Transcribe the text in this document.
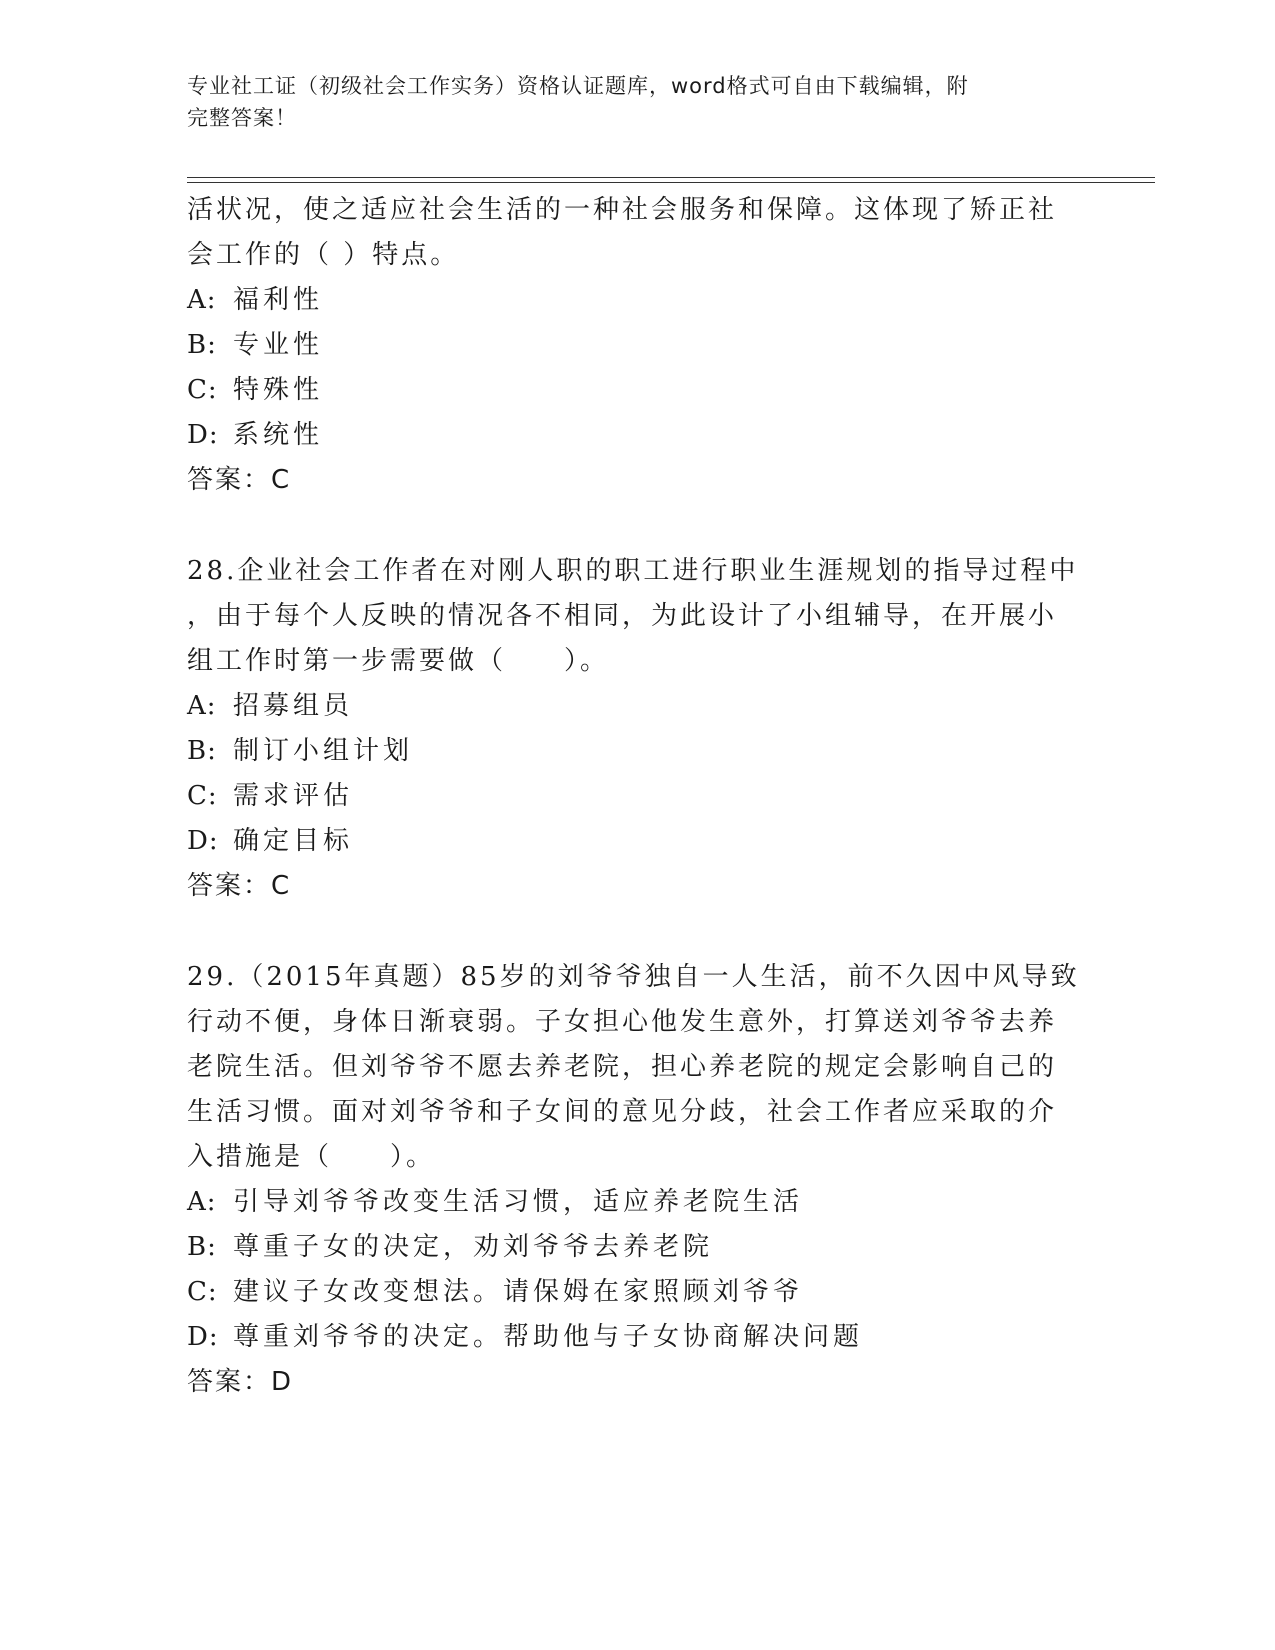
专业社工证（初级社会工作实务）资格认证题库，word格式可自由下载编辑，附
完整答案！
活状况，使之适应社会生活的一种社会服务和保障。这体现了矫正社
会工作的（ ）特点。
A: 福利性
B: 专业性
C: 特殊性
D: 系统性
答案：C
28.企业社会工作者在对刚人职的职工进行职业生涯规划的指导过程中
，由于每个人反映的情况各不相同，为此设计了小组辅导，在开展小
组工作时第一步需要做（　　）。
A: 招募组员
B: 制订小组计划
C: 需求评估
D: 确定目标
答案：C
29.（2015年真题）85岁的刘爷爷独自一人生活，前不久因中风导致
行动不便，身体日渐衰弱。子女担心他发生意外，打算送刘爷爷去养
老院生活。但刘爷爷不愿去养老院，担心养老院的规定会影响自己的
生活习惯。面对刘爷爷和子女间的意见分歧，社会工作者应采取的介
入措施是（　　）。
A: 引导刘爷爷改变生活习惯，适应养老院生活
B: 尊重子女的决定，劝刘爷爷去养老院
C: 建议子女改变想法。请保姆在家照顾刘爷爷
D: 尊重刘爷爷的决定。帮助他与子女协商解决问题
答案：D
